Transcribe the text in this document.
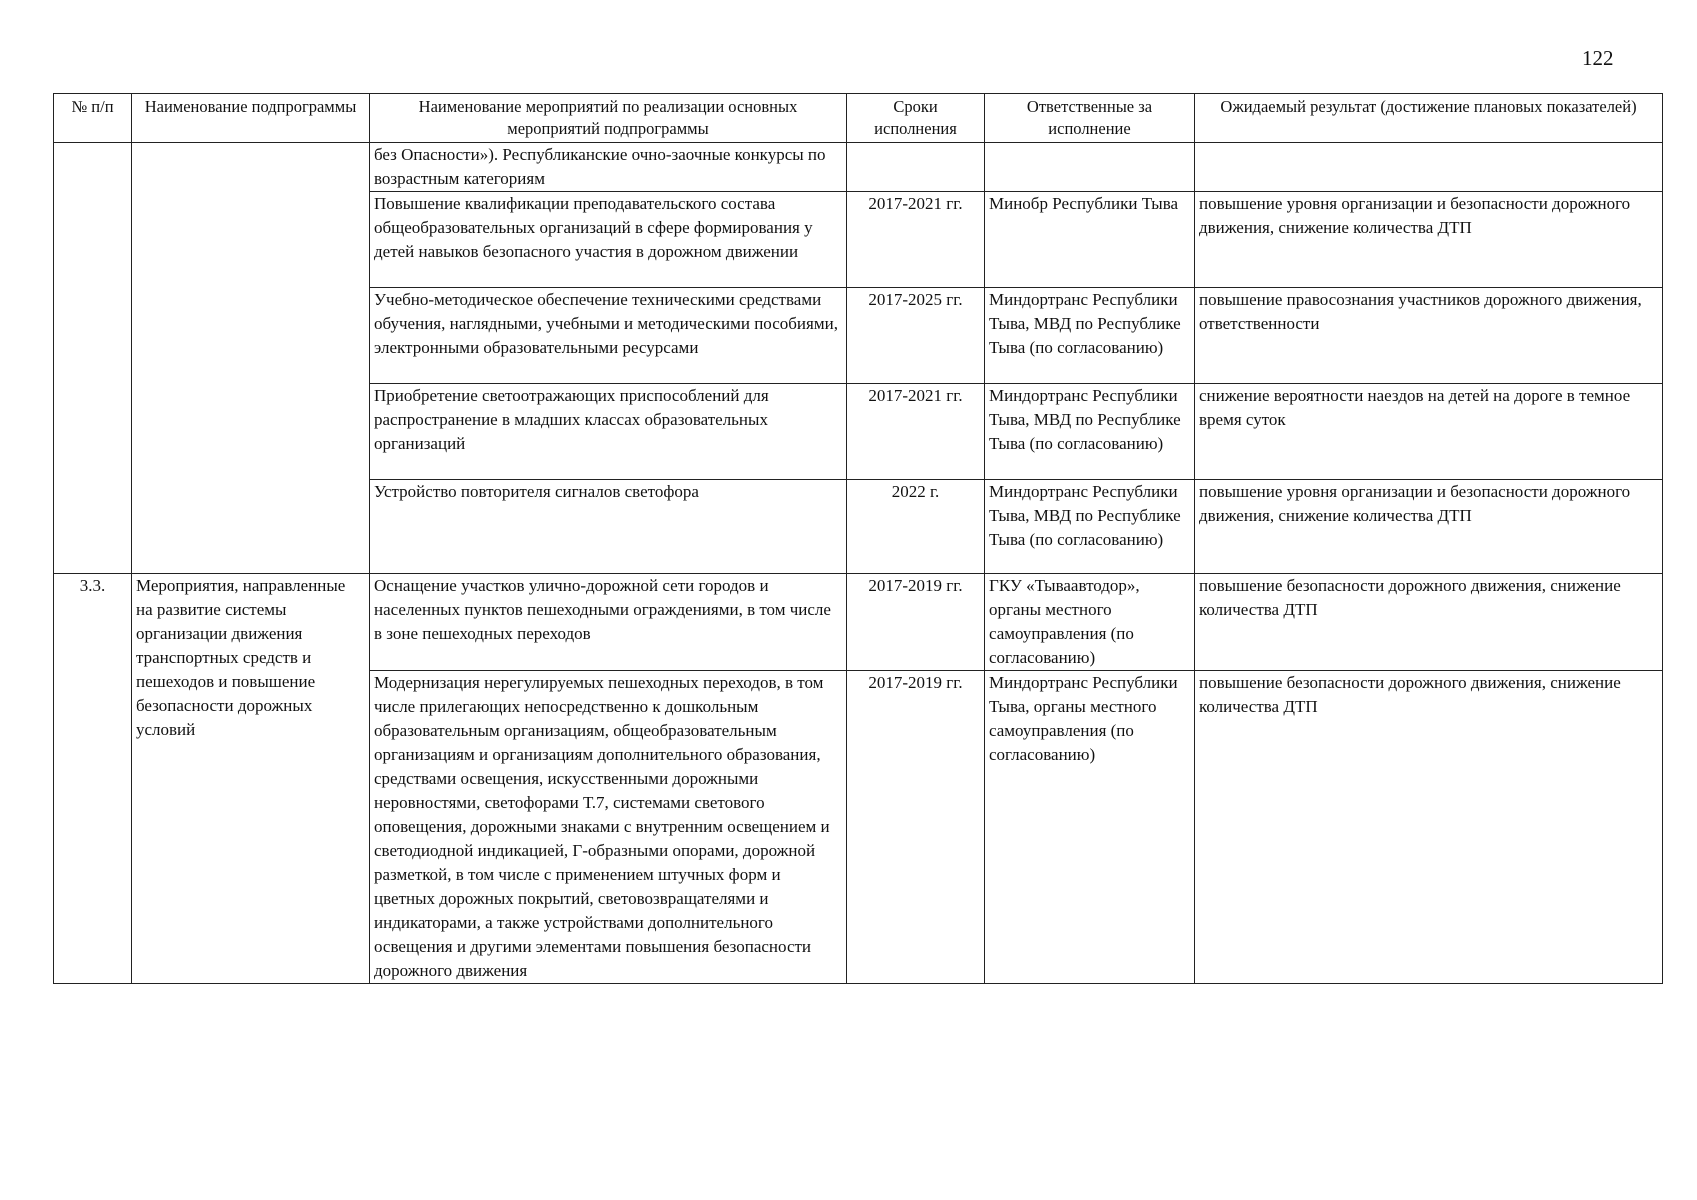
122
№ п/п	Наименование подпрограммы	Наименование мероприятий по реализации основных мероприятий подпрограммы	Сроки исполнения	Ответственные за исполнение	Ожидаемый результат (достижение плановых показателей)
		без Опасности»). Республиканские очно-заочные конкурсы по возрастным категориям			
		Повышение квалификации преподавательского состава общеобразовательных организаций в сфере формирования у детей навыков безопасного участия в дорожном движении	2017-2021 гг.	Минобр Республики Тыва	повышение уровня организации и безопасности дорожного движения, снижение количества ДТП
		Учебно-методическое обеспечение техническими средствами обучения, наглядными, учебными и методическими пособиями, электронными образовательными ресурсами	2017-2025 гг.	Миндортранс Республики Тыва, МВД по Республике Тыва (по согласованию)	повышение правосознания участников дорожного движения, ответственности
		Приобретение светоотражающих приспособлений для распространение в младших классах образовательных организаций	2017-2021 гг.	Миндортранс Республики Тыва, МВД по Республике Тыва (по согласованию)	снижение вероятности наездов на детей на дороге в темное время суток
		Устройство повторителя сигналов светофора	2022 г.	Миндортранс Республики Тыва, МВД по Республике Тыва (по согласованию)	повышение уровня организации и безопасности дорожного движения, снижение количества ДТП
3.3.	Мероприятия, направленные на развитие системы организации движения транспортных средств и пешеходов и повышение безопасности дорожных условий	Оснащение участков улично-дорожной сети городов и населенных пунктов пешеходными ограждениями, в том числе в зоне пешеходных переходов	2017-2019 гг.	ГКУ «Тываавтодор», органы местного самоуправления (по согласованию)	повышение безопасности дорожного движения, снижение количества ДТП
		Модернизация нерегулируемых пешеходных переходов, в том числе прилегающих непосредственно к дошкольным образовательным организациям, общеобразовательным организациям и организациям дополнительного образования, средствами освещения, искусственными дорожными неровностями, светофорами Т.7, системами светового оповещения, дорожными знаками с внутренним освещением и светодиодной индикацией, Г-образными опорами, дорожной разметкой, в том числе с применением штучных форм и цветных дорожных покрытий, световозвращателями и индикаторами, а также устройствами дополнительного освещения и другими элементами повышения безопасности дорожного движения	2017-2019 гг.	Миндортранс Республики Тыва, органы местного самоуправления (по согласованию)	повышение безопасности дорожного движения, снижение количества ДТП
